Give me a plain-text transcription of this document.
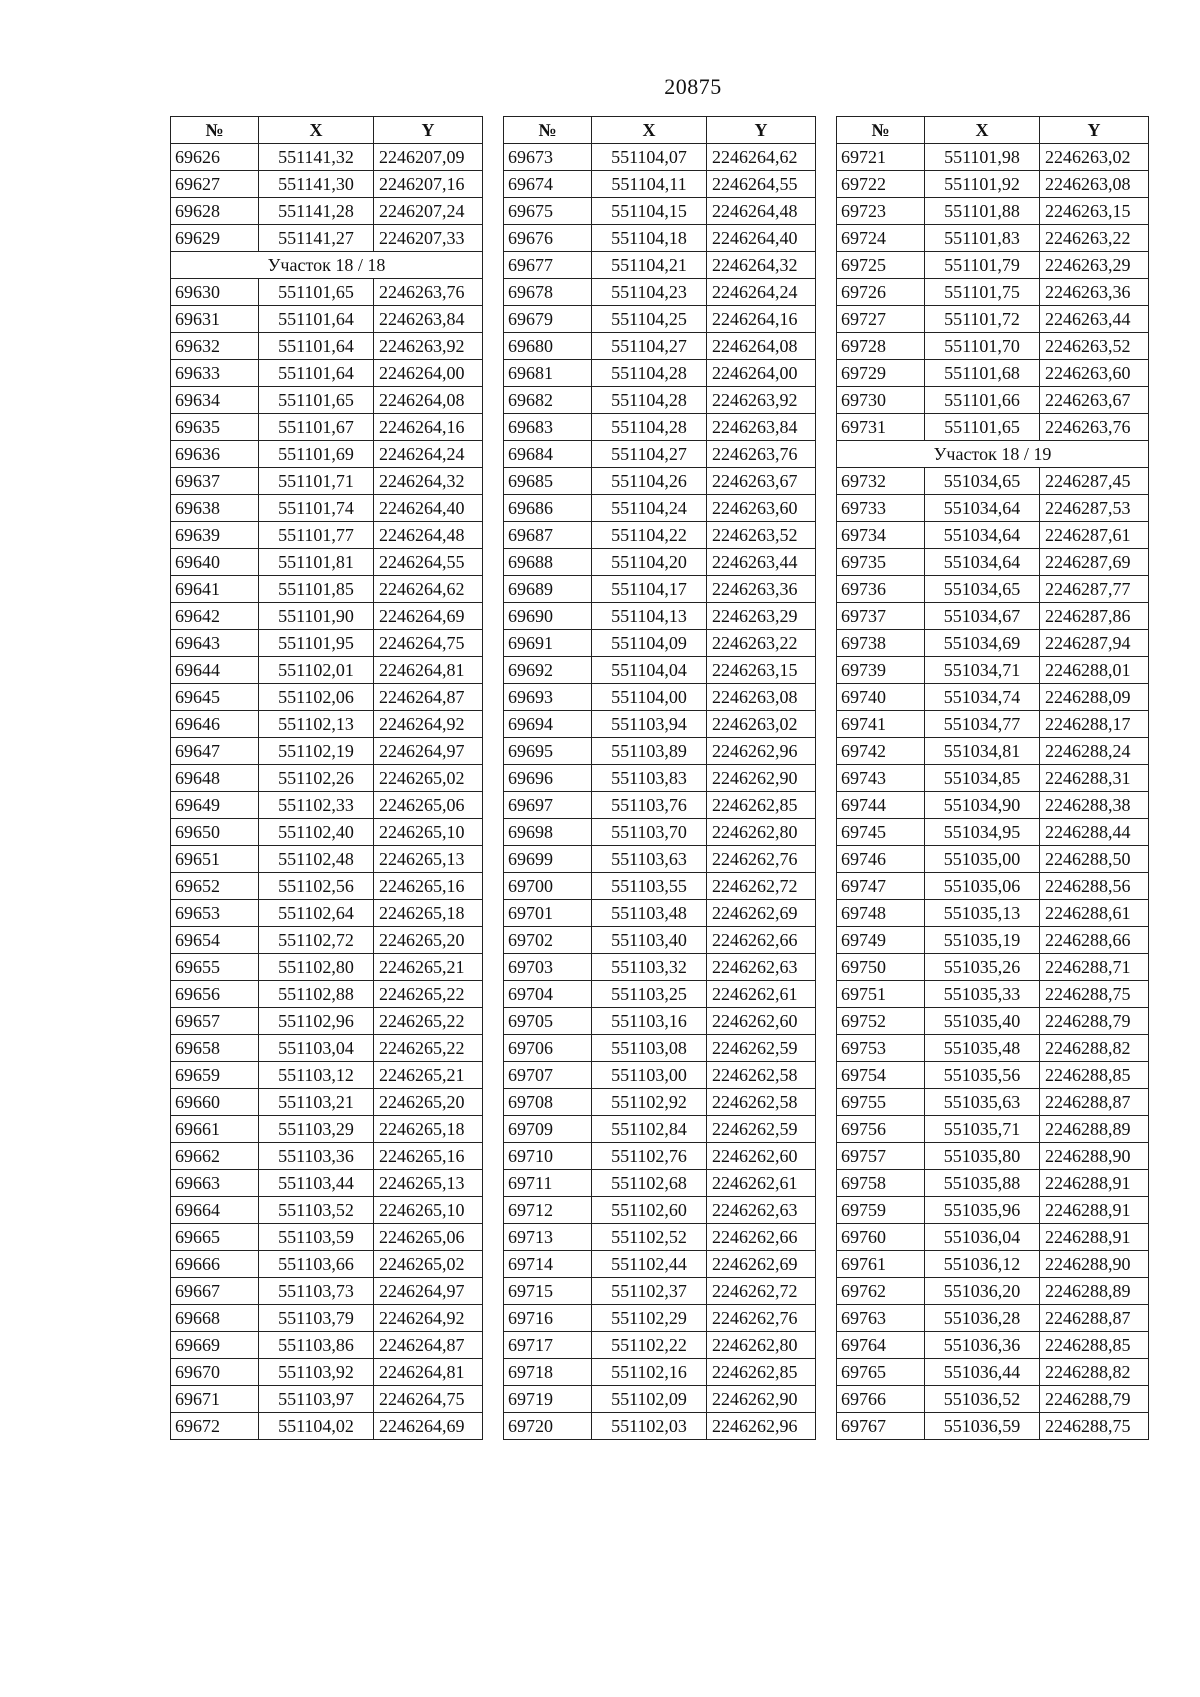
20875
№	X	Y
69626	551141,32	2246207,09
69627	551141,30	2246207,16
69628	551141,28	2246207,24
69629	551141,27	2246207,33
Участок 18 / 18		
69630	551101,65	2246263,76
69631	551101,64	2246263,84
69632	551101,64	2246263,92
69633	551101,64	2246264,00
69634	551101,65	2246264,08
69635	551101,67	2246264,16
69636	551101,69	2246264,24
69637	551101,71	2246264,32
69638	551101,74	2246264,40
69639	551101,77	2246264,48
69640	551101,81	2246264,55
69641	551101,85	2246264,62
69642	551101,90	2246264,69
69643	551101,95	2246264,75
69644	551102,01	2246264,81
69645	551102,06	2246264,87
69646	551102,13	2246264,92
69647	551102,19	2246264,97
69648	551102,26	2246265,02
69649	551102,33	2246265,06
69650	551102,40	2246265,10
69651	551102,48	2246265,13
69652	551102,56	2246265,16
69653	551102,64	2246265,18
69654	551102,72	2246265,20
69655	551102,80	2246265,21
69656	551102,88	2246265,22
69657	551102,96	2246265,22
69658	551103,04	2246265,22
69659	551103,12	2246265,21
69660	551103,21	2246265,20
69661	551103,29	2246265,18
69662	551103,36	2246265,16
69663	551103,44	2246265,13
69664	551103,52	2246265,10
69665	551103,59	2246265,06
69666	551103,66	2246265,02
69667	551103,73	2246264,97
69668	551103,79	2246264,92
69669	551103,86	2246264,87
69670	551103,92	2246264,81
69671	551103,97	2246264,75
69672	551104,02	2246264,69
№	X	Y
69673	551104,07	2246264,62
69674	551104,11	2246264,55
69675	551104,15	2246264,48
69676	551104,18	2246264,40
69677	551104,21	2246264,32
69678	551104,23	2246264,24
69679	551104,25	2246264,16
69680	551104,27	2246264,08
69681	551104,28	2246264,00
69682	551104,28	2246263,92
69683	551104,28	2246263,84
69684	551104,27	2246263,76
69685	551104,26	2246263,67
69686	551104,24	2246263,60
69687	551104,22	2246263,52
69688	551104,20	2246263,44
69689	551104,17	2246263,36
69690	551104,13	2246263,29
69691	551104,09	2246263,22
69692	551104,04	2246263,15
69693	551104,00	2246263,08
69694	551103,94	2246263,02
69695	551103,89	2246262,96
69696	551103,83	2246262,90
69697	551103,76	2246262,85
69698	551103,70	2246262,80
69699	551103,63	2246262,76
69700	551103,55	2246262,72
69701	551103,48	2246262,69
69702	551103,40	2246262,66
69703	551103,32	2246262,63
69704	551103,25	2246262,61
69705	551103,16	2246262,60
69706	551103,08	2246262,59
69707	551103,00	2246262,58
69708	551102,92	2246262,58
69709	551102,84	2246262,59
69710	551102,76	2246262,60
69711	551102,68	2246262,61
69712	551102,60	2246262,63
69713	551102,52	2246262,66
69714	551102,44	2246262,69
69715	551102,37	2246262,72
69716	551102,29	2246262,76
69717	551102,22	2246262,80
69718	551102,16	2246262,85
69719	551102,09	2246262,90
69720	551102,03	2246262,96
№	X	Y
69721	551101,98	2246263,02
69722	551101,92	2246263,08
69723	551101,88	2246263,15
69724	551101,83	2246263,22
69725	551101,79	2246263,29
69726	551101,75	2246263,36
69727	551101,72	2246263,44
69728	551101,70	2246263,52
69729	551101,68	2246263,60
69730	551101,66	2246263,67
69731	551101,65	2246263,76
Участок 18 / 19		
69732	551034,65	2246287,45
69733	551034,64	2246287,53
69734	551034,64	2246287,61
69735	551034,64	2246287,69
69736	551034,65	2246287,77
69737	551034,67	2246287,86
69738	551034,69	2246287,94
69739	551034,71	2246288,01
69740	551034,74	2246288,09
69741	551034,77	2246288,17
69742	551034,81	2246288,24
69743	551034,85	2246288,31
69744	551034,90	2246288,38
69745	551034,95	2246288,44
69746	551035,00	2246288,50
69747	551035,06	2246288,56
69748	551035,13	2246288,61
69749	551035,19	2246288,66
69750	551035,26	2246288,71
69751	551035,33	2246288,75
69752	551035,40	2246288,79
69753	551035,48	2246288,82
69754	551035,56	2246288,85
69755	551035,63	2246288,87
69756	551035,71	2246288,89
69757	551035,80	2246288,90
69758	551035,88	2246288,91
69759	551035,96	2246288,91
69760	551036,04	2246288,91
69761	551036,12	2246288,90
69762	551036,20	2246288,89
69763	551036,28	2246288,87
69764	551036,36	2246288,85
69765	551036,44	2246288,82
69766	551036,52	2246288,79
69767	551036,59	2246288,75
